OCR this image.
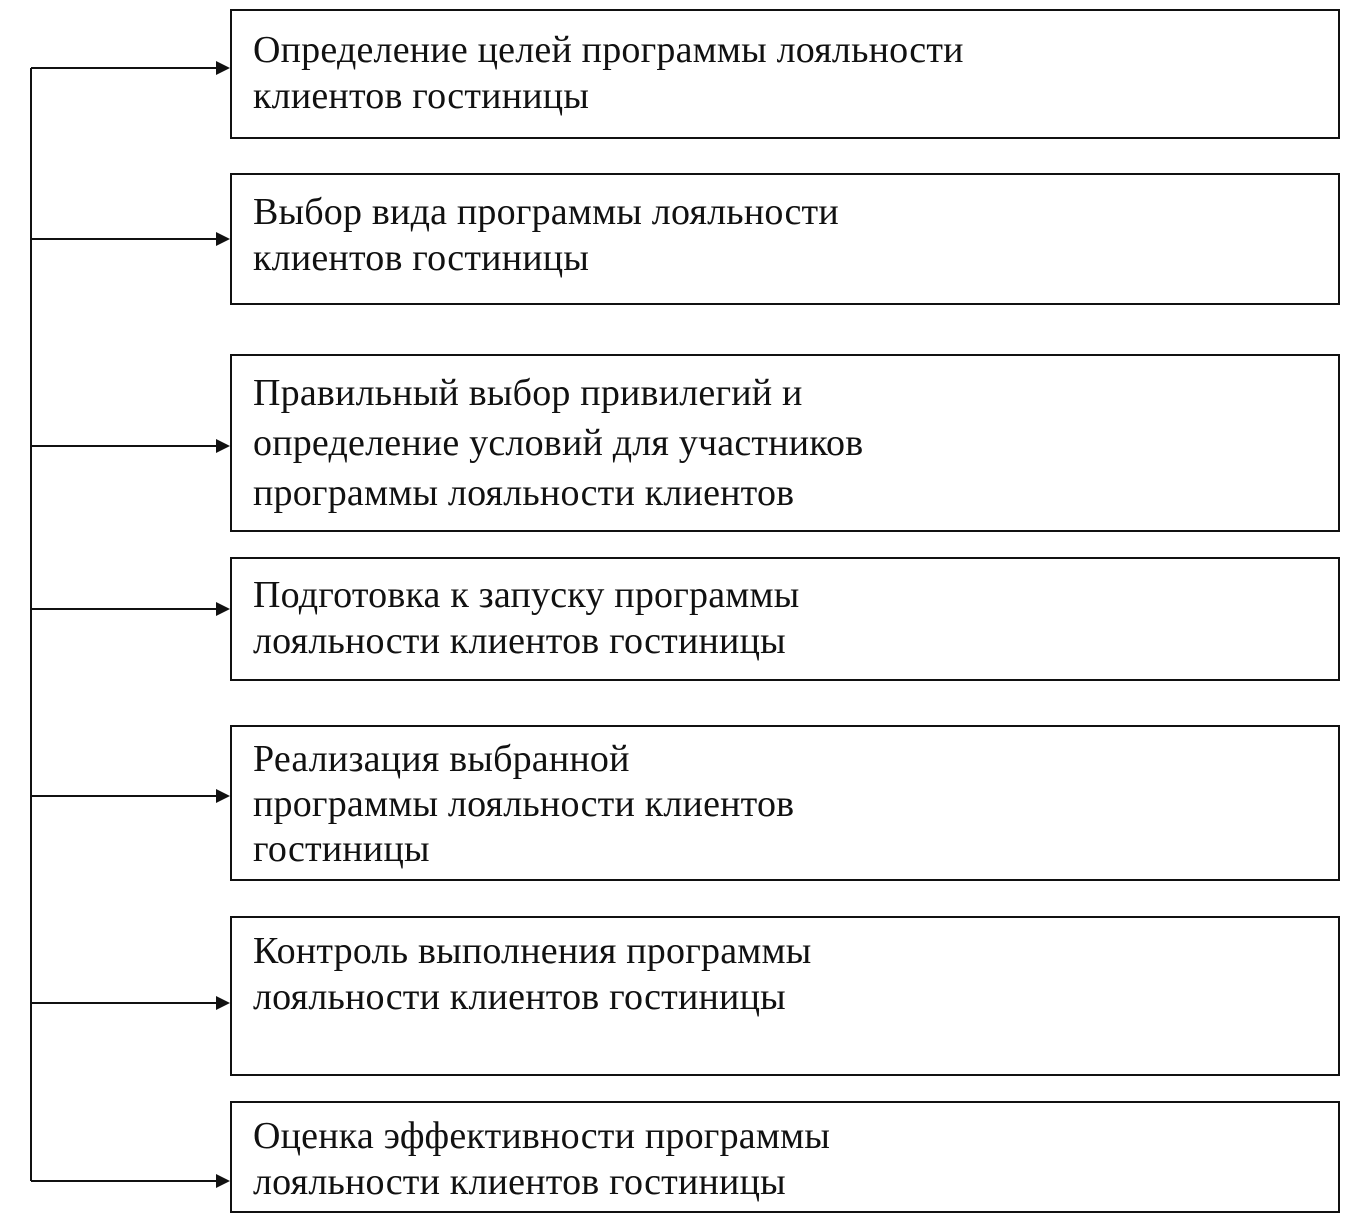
Определение целей программы лояльности
клиентов гостиницы
Выбор вида программы лояльности
клиентов гостиницы
Правильный выбор привилегий и
определение условий для участников
программы лояльности клиентов
Подготовка к запуску программы
лояльности клиентов гостиницы
Реализация выбранной
программы лояльности клиентов
гостиницы
Контроль выполнения программы
лояльности клиентов гостиницы
Оценка эффективности программы
лояльности клиентов гостиницы
